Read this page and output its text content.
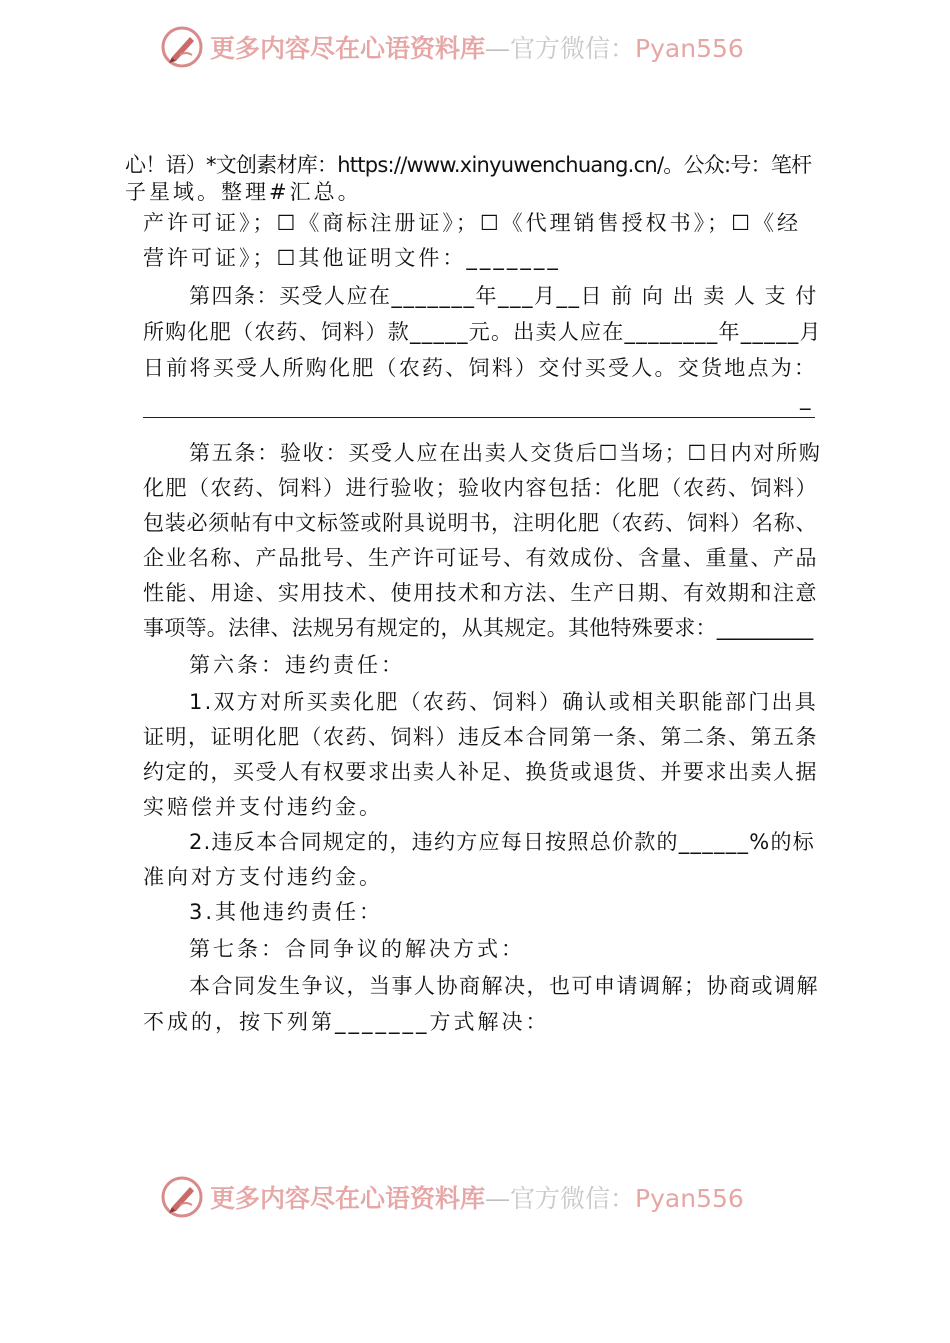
更多内容尽在心语资料库—官方微信：Pyan556
心！语）*文创素材库：https://www.xinyuwenchuang.cn/。公众:号：笔杆
子星域。整理#汇总。
产许可证》；☐《商标注册证》；☐《代理销售授权书》；☐《经
营许可证》；☐其他证明文件：_______
第四条：买受人应在_______年___月__日 前 向 出 卖 人 支 付
所购化肥（农药、饲料）款_____元。出卖人应在________年_____月
日前将买受人所购化肥（农药、饲料）交付买受人。交货地点为：
_
第五条：验收：买受人应在出卖人交货后☐当场；☐日内对所购
化肥（农药、饲料）进行验收；验收内容包括：化肥（农药、饲料）
包装必须帖有中文标签或附具说明书，注明化肥（农药、饲料）名称、
企业名称、产品批号、生产许可证号、有效成份、含量、重量、产品
性能、用途、实用技术、使用技术和方法、生产日期、有效期和注意
事项等。法律、法规另有规定的，从其规定。其他特殊要求：_________
第六条：违约责任：
1.双方对所买卖化肥（农药、饲料）确认或相关职能部门出具
证明，证明化肥（农药、饲料）违反本合同第一条、第二条、第五条
约定的，买受人有权要求出卖人补足、换货或退货、并要求出卖人据
实赔偿并支付违约金。
2.违反本合同规定的，违约方应每日按照总价款的______%的标
准向对方支付违约金。
3.其他违约责任：
第七条：合同争议的解决方式：
本合同发生争议，当事人协商解决，也可申请调解；协商或调解
不成的，按下列第_______方式解决：
更多内容尽在心语资料库—官方微信：Pyan556
